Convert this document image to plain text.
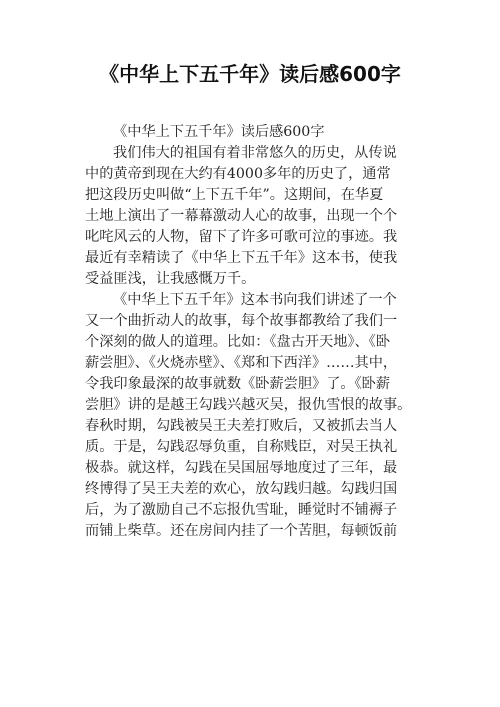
《中华上下五千年》读后感600字
《中华上下五千年》读后感600字
我们伟大的祖国有着非常悠久的历史，从传说
中的黄帝到现在大约有4000多年的历史了，通常
把这段历史叫做“上下五千年”。这期间，在华夏
土地上演出了一幕幕激动人心的故事，出现一个个
叱咤风云的人物，留下了许多可歌可泣的事迹。我
最近有幸精读了《中华上下五千年》这本书，使我
受益匪浅，让我感慨万千。
《中华上下五千年》这本书向我们讲述了一个
又一个曲折动人的故事，每个故事都教给了我们一
个深刻的做人的道理。比如：《盘古开天地》、《卧
薪尝胆》、《火烧赤壁》、《郑和下西洋》……其中，
令我印象最深的故事就数《卧薪尝胆》了。《卧薪
尝胆》讲的是越王勾践兴越灭吴，报仇雪恨的故事。
春秋时期，勾践被吴王夫差打败后，又被抓去当人
质。于是，勾践忍辱负重，自称贱臣，对吴王执礼
极恭。就这样，勾践在吴国屈辱地度过了三年，最
终博得了吴王夫差的欢心，放勾践归越。勾践归国
后，为了激励自己不忘报仇雪耻，睡觉时不铺褥子
而铺上柴草。还在房间内挂了一个苦胆，每顿饭前
